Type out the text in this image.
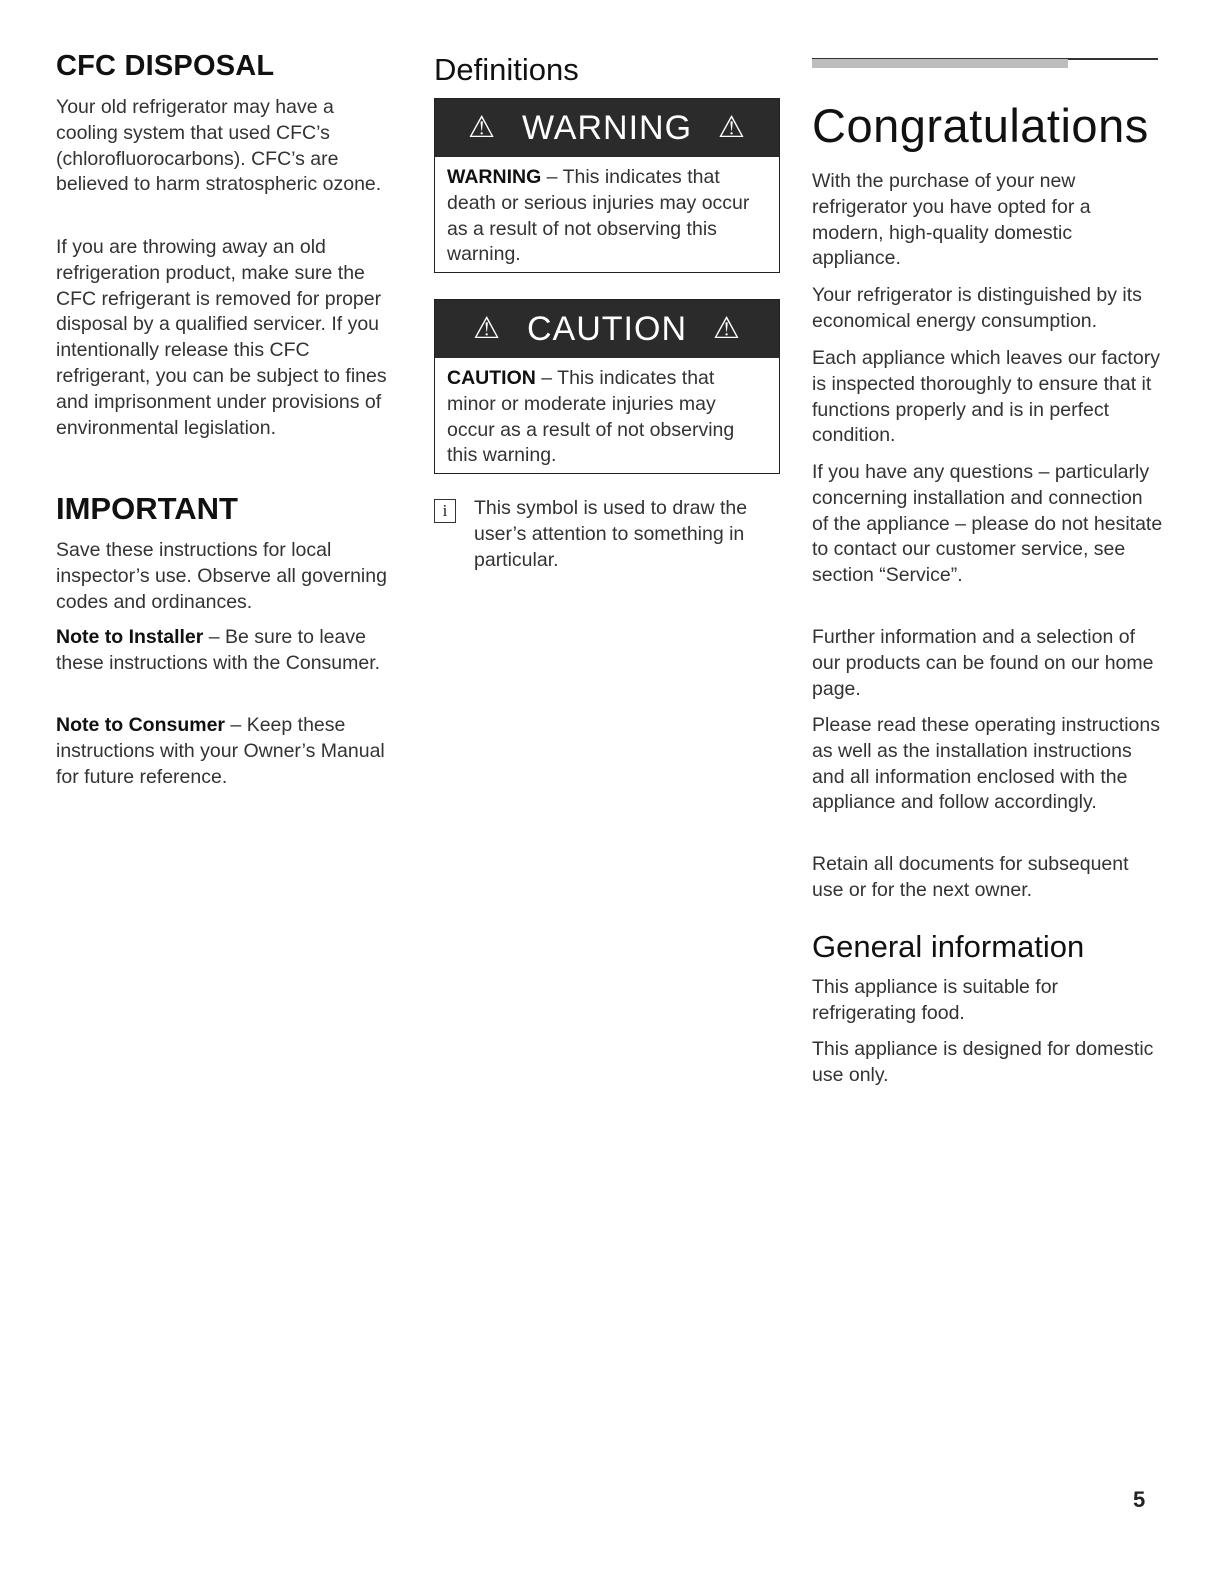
CFC DISPOSAL

Your old refrigerator may have a cooling system that used CFC’s (chlorofluorocarbons). CFC’s are believed to harm stratospheric ozone.

If you are throwing away an old refrigeration product, make sure the CFC refrigerant is removed for proper disposal by a qualified servicer. If you intentionally release this CFC refrigerant, you can be subject to fines and imprisonment under provisions of environmental legislation.

IMPORTANT

Save these instructions for local inspector’s use. Observe all governing codes and ordinances.

Note to Installer – Be sure to leave these instructions with the Consumer.

Note to Consumer – Keep these instructions with your Owner’s Manual for future reference.

Definitions
⚠ WARNING ⚠

WARNING – This indicates that death or serious injuries may occur as a result of not observing this warning.

⚠ CAUTION ⚠

CAUTION – This indicates that minor or moderate injuries may occur as a result of not observing this warning.

i	This symbol is used to draw the user’s attention to something in particular.

Congratulations

With the purchase of your new refrigerator you have opted for a modern, high-quality domestic appliance.

Your refrigerator is distinguished by its economical energy consumption.

Each appliance which leaves our factory is inspected thoroughly to ensure that it functions properly and is in perfect condition.

If you have any questions – particularly concerning installation and connection of the appliance – please do not hesitate to contact our customer service, see section “Service”.

Further information and a selection of our products can be found on our home page.

Please read these operating instructions as well as the installation instructions and all information enclosed with the appliance and follow accordingly.

Retain all documents for subsequent use or for the next owner.

General information

This appliance is suitable for refrigerating food.

This appliance is designed for domestic use only.

5
